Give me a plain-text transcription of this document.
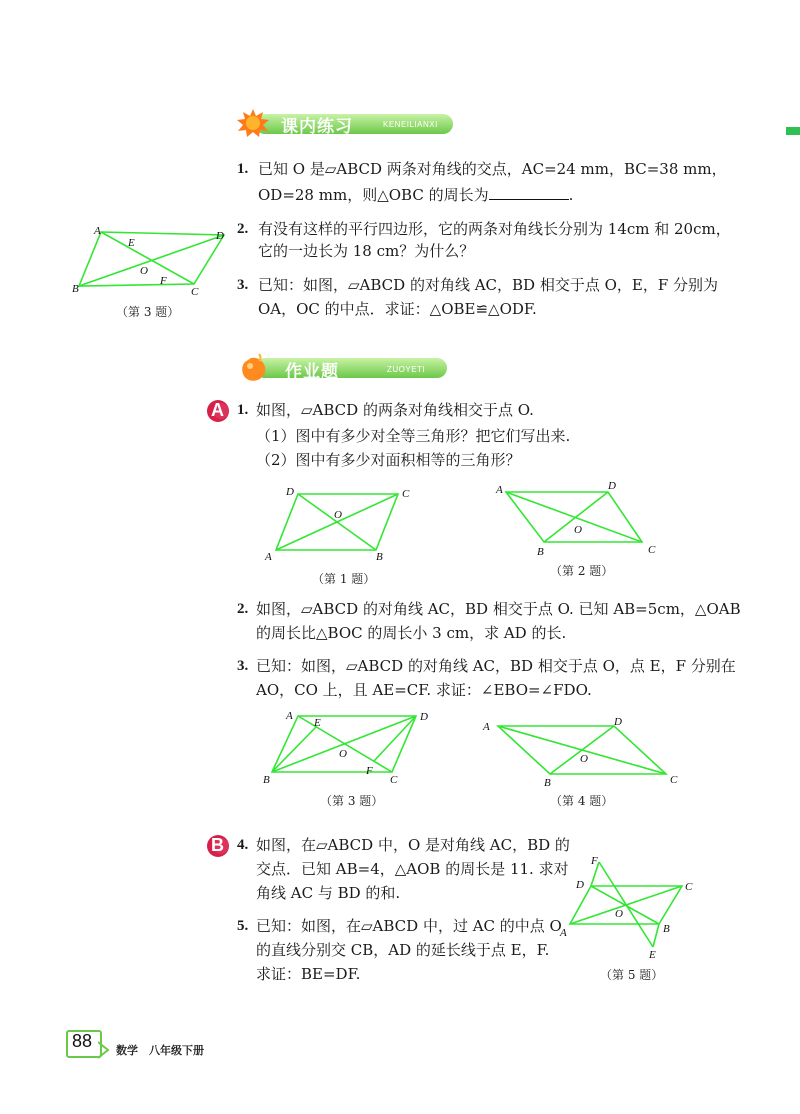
课内练习	KENEILIANXI
1. 已知 O 是▱ABCD 两条对角线的交点，AC=24 mm，BC=38 mm，
OD=28 mm，则△OBC 的周长为	.
2. 有没有这样的平行四边形，它的两条对角线长分别为 14cm 和 20cm，
它的一边长为 18 cm？为什么？
3. 已知：如图，▱ABCD 的对角线 AC，BD 相交于点 O，E，F 分别为
OA，OC 的中点．求证：△OBE≌△ODF.
A
B	C
D
E
F
O
（第 3 题）
作业题	ZUOYETI
A 1. 如图，▱ABCD 的两条对角线相交于点 O.
（1）图中有多少对全等三角形？把它们写出来.
（2）图中有多少对面积相等的三角形？
D	C
A	B
O
（第 1 题）
A	D
C
B
O
（第 2 题）
2. 如图，▱ABCD 的对角线 AC，BD 相交于点 O. 已知 AB=5cm，△OAB
的周长比△BOC 的周长小 3 cm，求 AD 的长.
3. 已知：如图，▱ABCD 的对角线 AC，BD 相交于点 O，点 E，F 分别在
AO，CO 上，且 AE=CF. 求证：∠EBO=∠FDO.
A
E	D
O
F
B	C
（第 3 题）
A	D
C
B
O
（第 4 题）
B 4. 如图，在▱ABCD 中，O 是对角线 AC，BD 的
交点．已知 AB=4，△AOB 的周长是 11. 求对
角线 AC 与 BD 的和.
5. 已知：如图，在▱ABCD 中，过 AC 的中点 O
的直线分别交 CB，AD 的延长线于点 E，F.
求证：BE=DF.
F
D	C
O
A	B
E
（第 5 题）
88 数学　八年级下册
